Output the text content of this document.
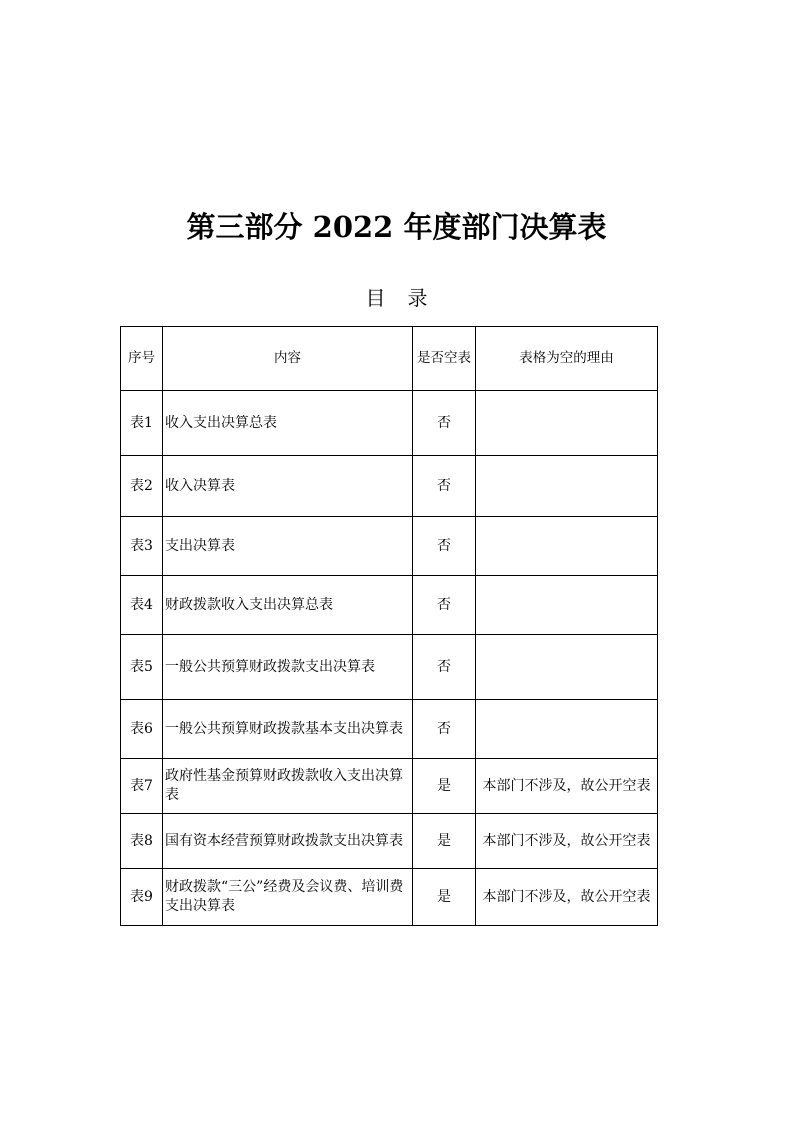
第三部分 2022 年度部门决算表
目录
序号	内容	是否空表	表格为空的理由
表1	收入支出决算总表	否	
表2	收入决算表	否	
表3	支出决算表	否	
表4	财政拨款收入支出决算总表	否	
表5	一般公共预算财政拨款支出决算表	否	
表6	一般公共预算财政拨款基本支出决算表	否	
表7	政府性基金预算财政拨款收入支出决算表	是	本部门不涉及，故公开空表
表8	国有资本经营预算财政拨款支出决算表	是	本部门不涉及，故公开空表
表9	财政拨款“三公”经费及会议费、培训费支出决算表	是	本部门不涉及，故公开空表
